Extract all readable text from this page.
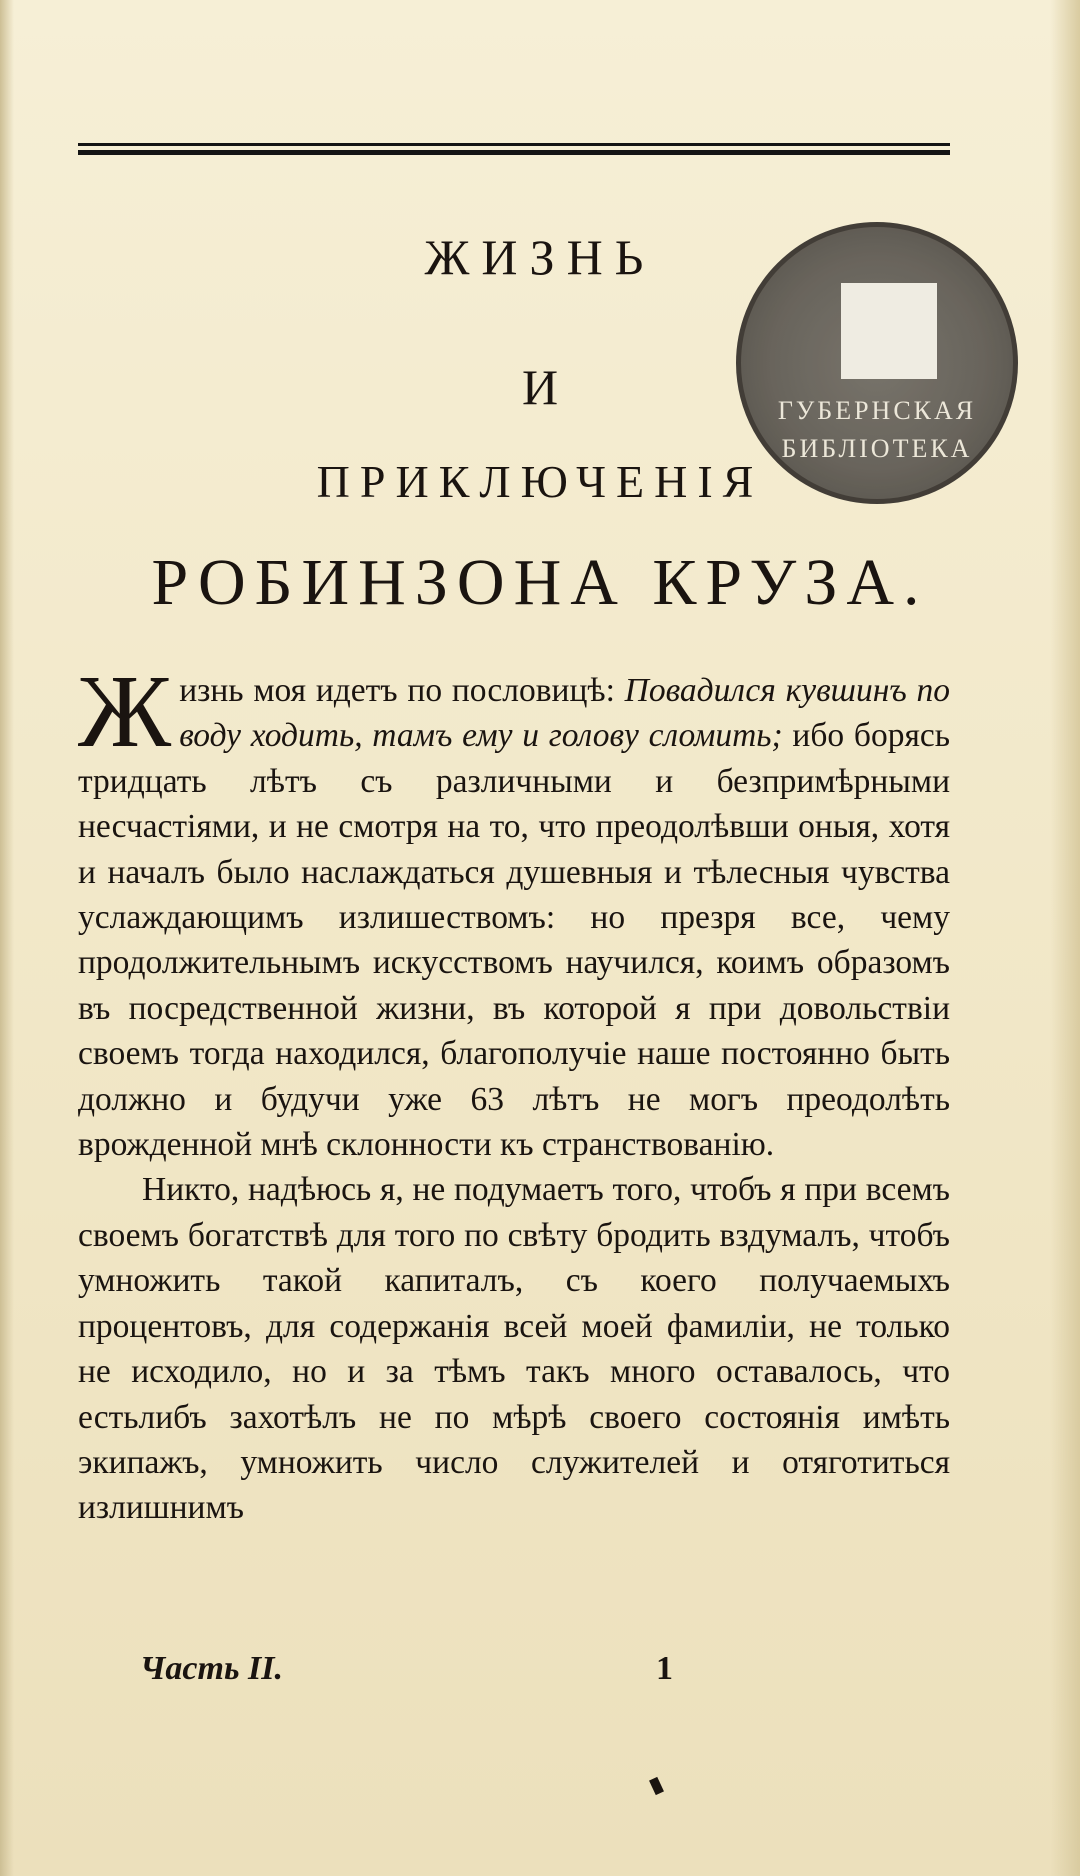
ЖИЗНЬ
И
ПРИКЛЮЧЕНІЯ
РОБИНЗОНА КРУЗА.
ГУБЕРНСКАЯ
БИБЛІОТЕКА

Жизнь моя идетъ по пословицѣ: Повадился кувшинъ по воду ходить, тамъ ему и голову сломить; ибо борясь тридцать лѣтъ съ различными и безпримѣрными несчастіями, и не смотря на то, что преодолѣвши оныя, хотя и началъ было наслаждаться душевныя и тѣлесныя чувства услаждающимъ излишествомъ: но презря все, чему продолжительнымъ искусствомъ научился, коимъ образомъ въ посредственной жизни, въ которой я при довольствіи своемъ тогда находился, благополучіе наше постоянно быть должно и будучи уже 63 лѣтъ не могъ преодолѣть врожденной мнѣ склонности къ странствованію.

Никто, надѣюсь я, не подумаетъ того, чтобъ я при всемъ своемъ богатствѣ для того по свѣту бродить вздумалъ, чтобъ умножить такой капиталъ, съ коего получаемыхъ процентовъ, для содержанія всей моей фамиліи, не только не исходило, но и за тѣмъ такъ много оставалось, что естьлибъ захотѣлъ не по мѣрѣ своего состоянія имѣть экипажъ, умножить число служителей и отяготиться излишнимъ

Часть II.	1
